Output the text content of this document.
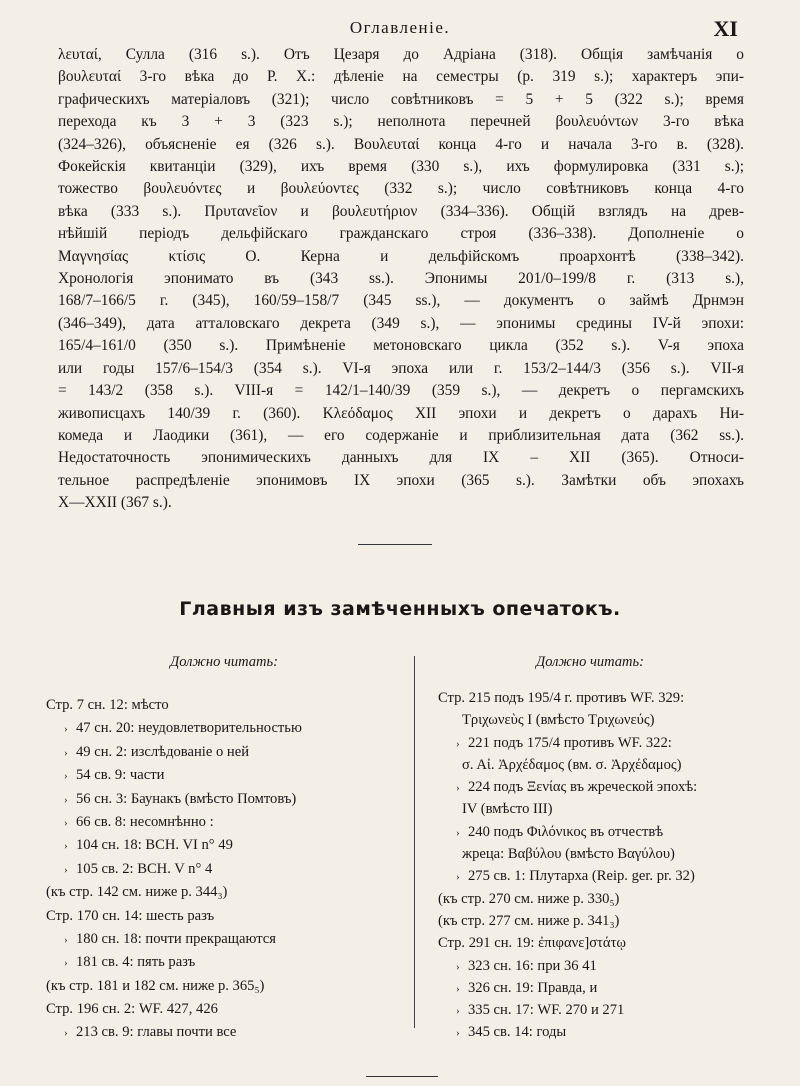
Оглавленіе.	XI
λευταί, Сулла (316 s.). Отъ Цезаря до Адріана (318). Общія замѣчанія о
βουλευταί 3-го вѣка до Р. Х.: дѣленіе на семестры (р. 319 s.); характеръ эпи-
графическихъ матеріаловъ (321); число совѣтниковъ = 5 + 5 (322 s.); время
перехода къ 3 + 3 (323 s.); неполнота перечней βουλευόντων 3-го вѣка
(324–326), объясненіе ея (326 s.). Βουλευταί конца 4-го и начала 3-го в. (328).
Фокейскія квитанціи (329), ихъ время (330 s.), ихъ формулировка (331 s.);
тожество βουλευόντες и βουλεύοντες (332 s.); число совѣтниковъ конца 4-го
вѣка (333 s.). Πρυτανεῖον и βουλευτήριον (334–336). Общій взглядъ на древ-
нѣйшій періодъ дельфійскаго гражданскаго строя (336–338). Дополненіе о
Μαγνησίας κτίσις О. Керна и дельфійскомъ проархонтѣ (338–342).
Хронологія эпонимато въ (343 ss.). Эпонимы 201/0–199/8 г. (313 s.),
168/7–166/5 г. (345), 160/59–158/7 (345 ss.), — документъ о займѣ Дрнмэн
(346–349), дата атталовскаго декрета (349 s.), — эпонимы средины IV-й эпохи:
165/4–161/0 (350 s.). Примѣненіе метоновскаго цикла (352 s.). V-я эпоха
или годы 157/6–154/3 (354 s.). VI-я эпоха или г. 153/2–144/3 (356 s.). VII-я
= 143/2 (358 s.). VIII-я = 142/1–140/39 (359 s.), — декретъ о пергамскихъ
живописцахъ 140/39 г. (360). Κλεόδαμος XII эпохи и декретъ о дарахъ Ни-
комеда и Лаодики (361), — его содержаніе и приблизительная дата (362 ss.).
Недостаточность эпонимическихъ данныхъ для IX – XII (365). Относи-
тельное распредѣленіе эпонимовъ IX эпохи (365 s.). Замѣтки объ эпохахъ
X—XXII (367 s.).
Главныя изъ замѣченныхъ опечатокъ.
Должно читать:	Должно читать:
Стр. 7 сн. 12: мѣсто
› 47 сн. 20: неудовлетворительностью
› 49 сн. 2: изслѣдованіе о ней
› 54 св. 9: части
› 56 сн. 3: Баунакъ (вмѣсто Помтовъ)
› 66 св. 8: несомнѣнно :
› 104 сн. 18: BCH. VI n° 49
› 105 св. 2: BCH. V n° 4
(къ стр. 142 см. ниже р. 344₃)
Стр. 170 сн. 14: шесть разъ
› 180 сн. 18: почти прекращаются
› 181 св. 4: пять разъ
(къ стр. 181 и 182 см. ниже р. 365₅)
Стр. 196 сн. 2: WF. 427, 426
› 213 св. 9: главы почти все
Стр. 215 подъ 195/4 г. противъ WF. 329:
Τριχωνεὺς I (вмѣсто Τριχωνεύς)
› 221 подъ 175/4 противъ WF. 322:
σ. Αἰ. Ἀρχέδαμος (вм. σ. Ἀρχέδαμος)
› 224 подъ Ξενίας въ жреческой эпохѣ:
IV (вмѣсто III)
› 240 подъ Φιλόνικος въ отчествѣ
жреца: Βαβύλου (вмѣсто Βαγύλου)
› 275 св. 1: Плутарха (Reip. ger. pr. 32)
(къ стр. 270 см. ниже р. 330₅)
(къ стр. 277 см. ниже р. 341₃)
Стр. 291 сн. 19: ἐπιφανε]στάτῳ
› 323 сн. 16: при 36 41
› 326 сн. 19: Правда, и
› 335 сн. 17: WF. 270 и 271
› 345 св. 14: годы
